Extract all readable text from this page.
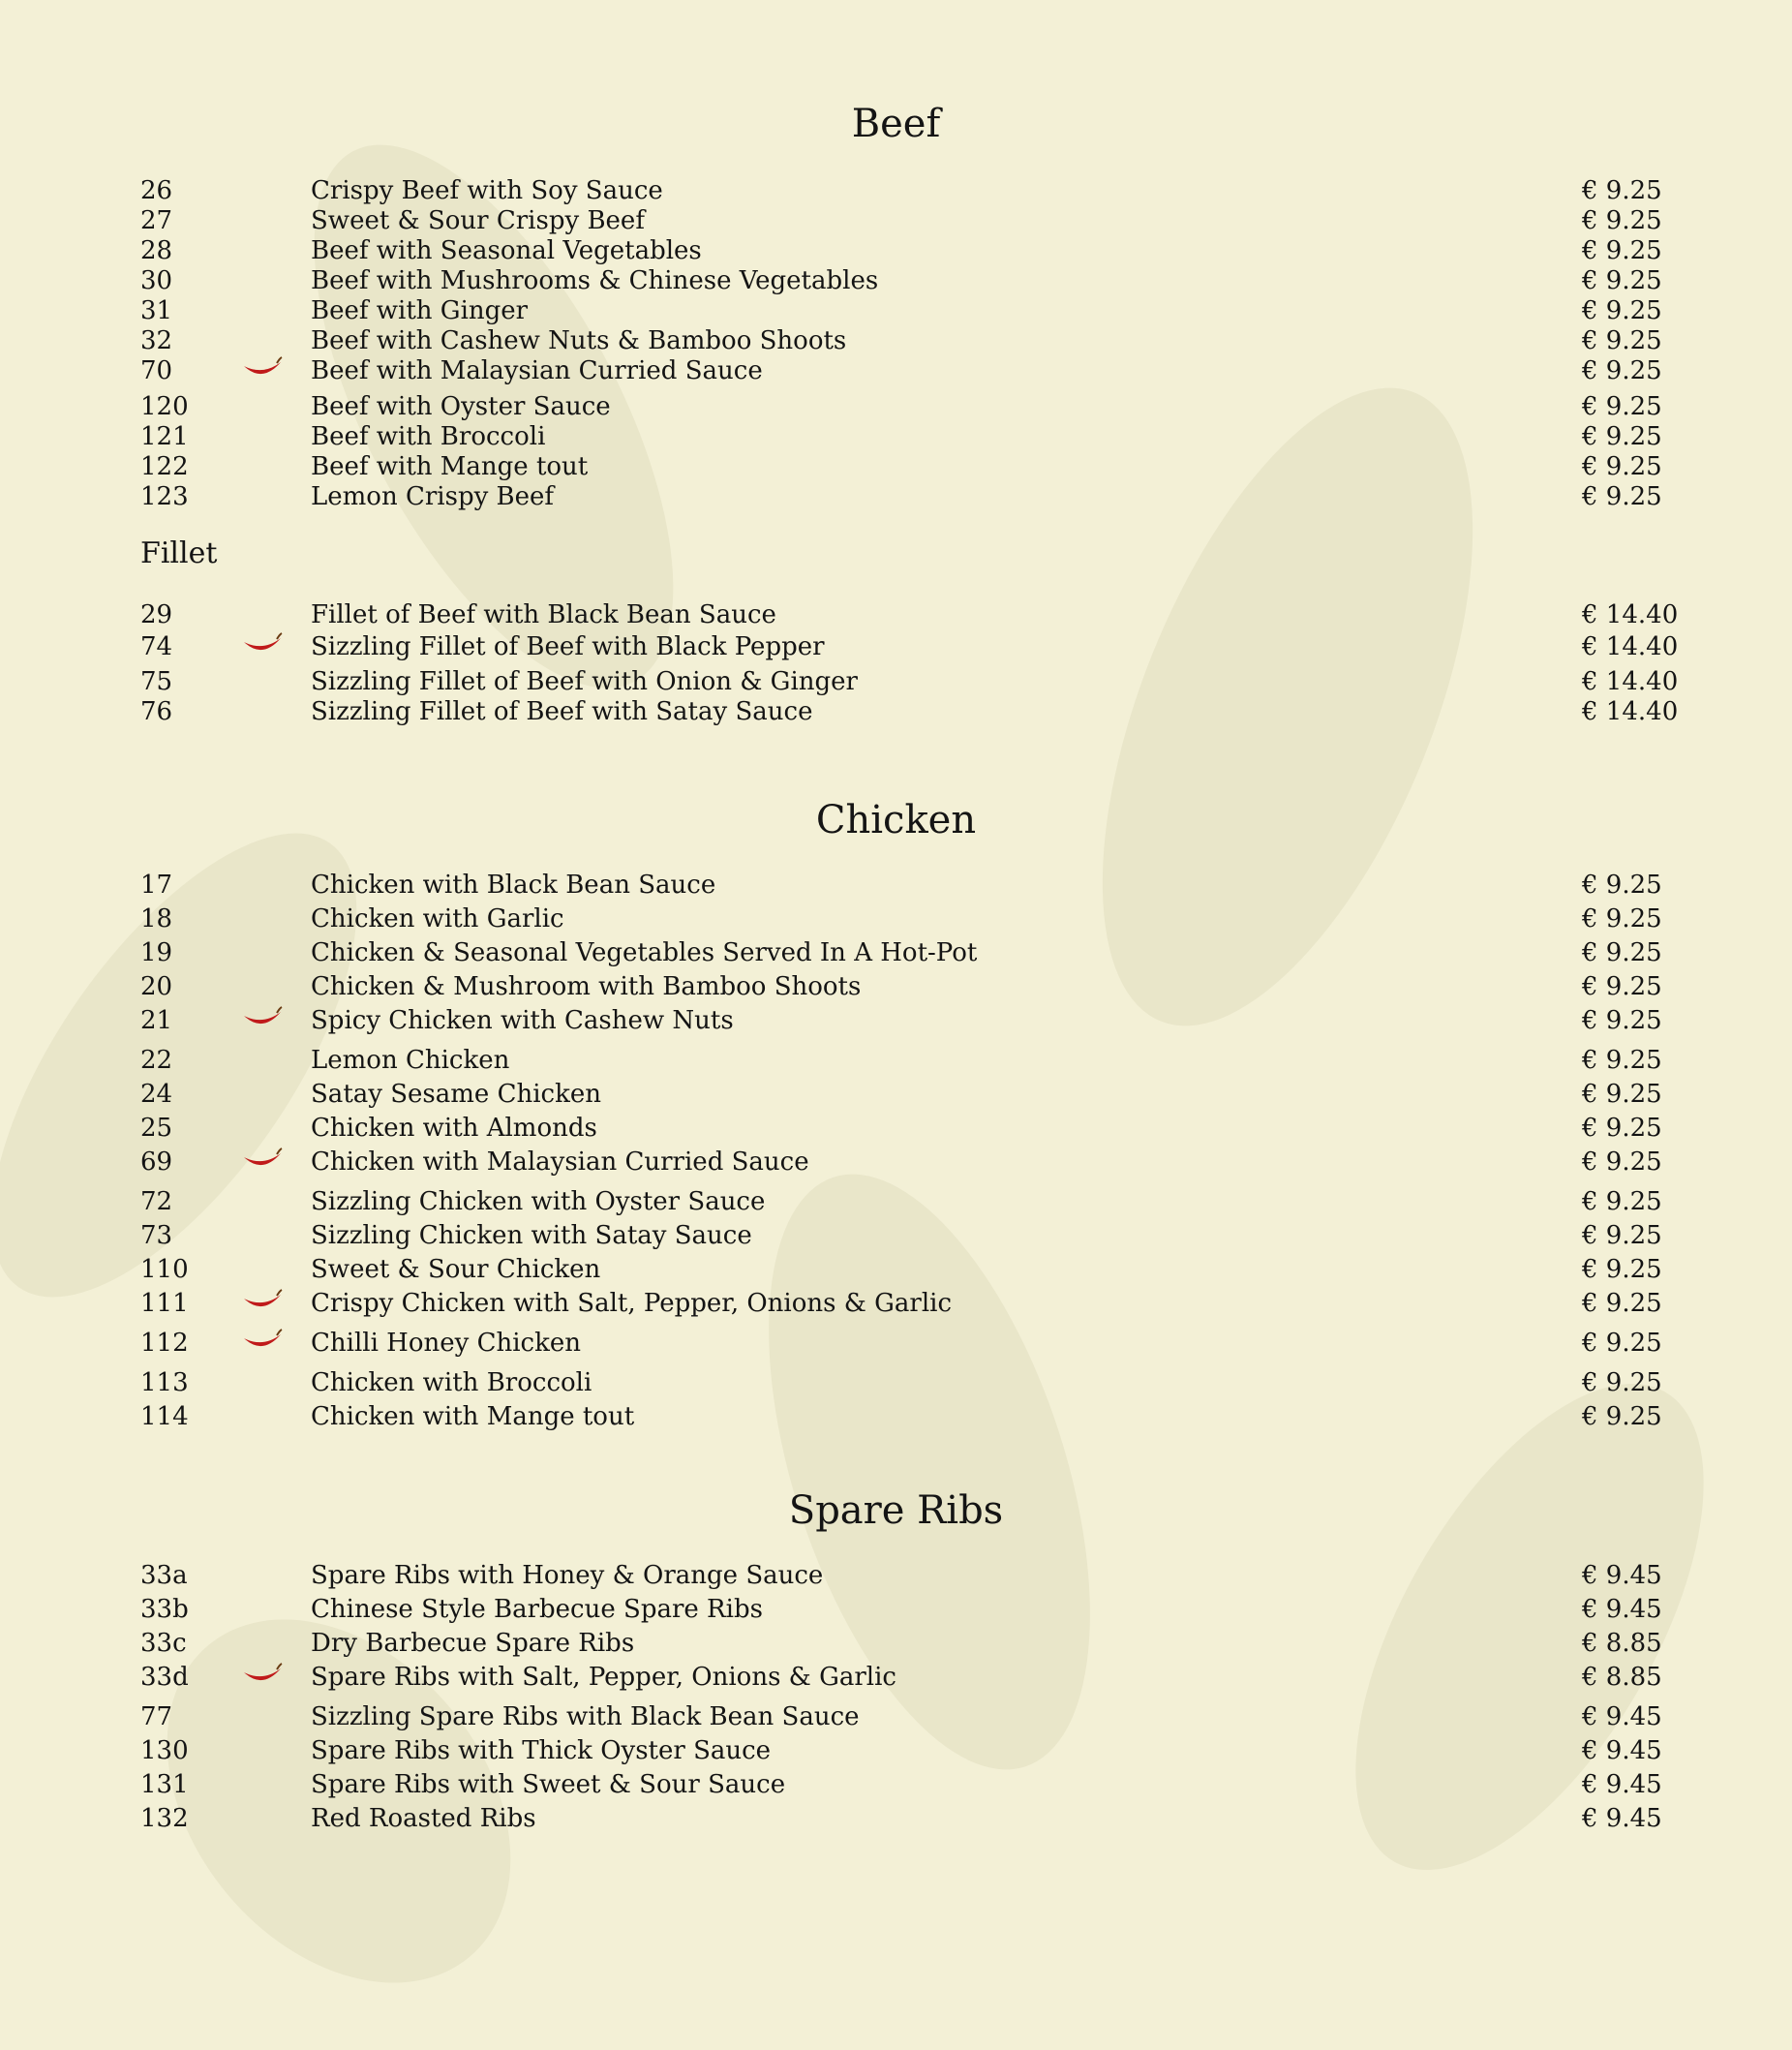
Beef
26	Crispy Beef with Soy Sauce	€ 9.25
27	Sweet & Sour Crispy Beef	€ 9.25
28	Beef with Seasonal Vegetables	€ 9.25
30	Beef with Mushrooms & Chinese Vegetables	€ 9.25
31	Beef with Ginger	€ 9.25
32	Beef with Cashew Nuts & Bamboo Shoots	€ 9.25
70	Beef with Malaysian Curried Sauce	€ 9.25
120	Beef with Oyster Sauce	€ 9.25
121	Beef with Broccoli	€ 9.25
122	Beef with Mange tout	€ 9.25
123	Lemon Crispy Beef	€ 9.25
Fillet
29	Fillet of Beef with Black Bean Sauce	€ 14.40
74	Sizzling Fillet of Beef with Black Pepper	€ 14.40
75	Sizzling Fillet of Beef with Onion & Ginger	€ 14.40
76	Sizzling Fillet of Beef with Satay Sauce	€ 14.40
Chicken
17	Chicken with Black Bean Sauce	€ 9.25
18	Chicken with Garlic	€ 9.25
19	Chicken & Seasonal Vegetables Served In A Hot-Pot	€ 9.25
20	Chicken & Mushroom with Bamboo Shoots	€ 9.25
21	Spicy Chicken with Cashew Nuts	€ 9.25
22	Lemon Chicken	€ 9.25
24	Satay Sesame Chicken	€ 9.25
25	Chicken with Almonds	€ 9.25
69	Chicken with Malaysian Curried Sauce	€ 9.25
72	Sizzling Chicken with Oyster Sauce	€ 9.25
73	Sizzling Chicken with Satay Sauce	€ 9.25
110	Sweet & Sour Chicken	€ 9.25
111	Crispy Chicken with Salt, Pepper, Onions & Garlic	€ 9.25
112	Chilli Honey Chicken	€ 9.25
113	Chicken with Broccoli	€ 9.25
114	Chicken with Mange tout	€ 9.25
Spare Ribs
33a	Spare Ribs with Honey & Orange Sauce	€ 9.45
33b	Chinese Style Barbecue Spare Ribs	€ 9.45
33c	Dry Barbecue Spare Ribs	€ 8.85
33d	Spare Ribs with Salt, Pepper, Onions & Garlic	€ 8.85
77	Sizzling Spare Ribs with Black Bean Sauce	€ 9.45
130	Spare Ribs with Thick Oyster Sauce	€ 9.45
131	Spare Ribs with Sweet & Sour Sauce	€ 9.45
132	Red Roasted Ribs	€ 9.45
